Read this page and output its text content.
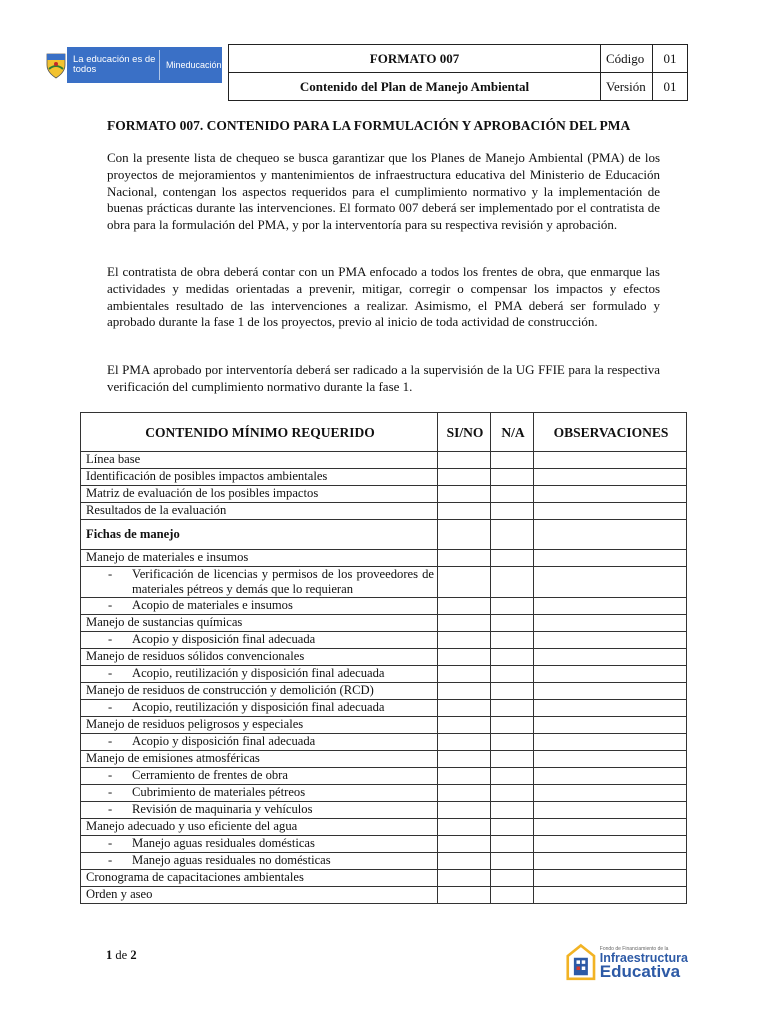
La educación es de todos	Mineducación	FORMATO 007	Código	01
Contenido del Plan de Manejo Ambiental	Versión	01
FORMATO 007. CONTENIDO PARA LA FORMULACIÓN Y APROBACIÓN DEL PMA

Con la presente lista de chequeo se busca garantizar que los Planes de Manejo Ambiental (PMA) de los proyectos de mejoramientos y mantenimientos de infraestructura educativa del Ministerio de Educación Nacional, contengan los aspectos requeridos para el cumplimiento normativo y la implementación de buenas prácticas durante las intervenciones. El formato 007 deberá ser implementado por el contratista de obra para la formulación del PMA, y por la interventoría para su respectiva revisión y aprobación.

El contratista de obra deberá contar con un PMA enfocado a todos los frentes de obra, que enmarque las actividades y medidas orientadas a prevenir, mitigar, corregir o compensar los impactos y efectos ambientales resultado de las intervenciones a realizar. Asimismo, el PMA deberá ser formulado y aprobado durante la fase 1 de los proyectos, previo al inicio de toda actividad de construcción.

El PMA aprobado por interventoría deberá ser radicado a la supervisión de la UG FFIE para la respectiva verificación del cumplimiento normativo durante la fase 1.

CONTENIDO MÍNIMO REQUERIDO	SI/NO	N/A	OBSERVACIONES
Línea base			
Identificación de posibles impactos ambientales			
Matriz de evaluación de los posibles impactos			
Resultados de la evaluación			
Fichas de manejo			
Manejo de materiales e insumos			

- Verificación de licencias y permisos de los proveedores de materiales pétreos y demás que lo requieran			

- Acopio de materiales e insumos			

Manejo de sustancias químicas			

- Acopio y disposición final adecuada			

Manejo de residuos sólidos convencionales			

- Acopio, reutilización y disposición final adecuada			

Manejo de residuos de construcción y demolición (RCD)			

- Acopio, reutilización y disposición final adecuada			

Manejo de residuos peligrosos y especiales			

- Acopio y disposición final adecuada			

Manejo de emisiones atmosféricas			

- Cerramiento de frentes de obra			

- Cubrimiento de materiales pétreos			

- Revisión de maquinaria y vehículos			

Manejo adecuado y uso eficiente del agua			

- Manejo aguas residuales domésticas			

- Manejo aguas residuales no domésticas			

Cronograma de capacitaciones ambientales			
Orden y aseo			
1 de 2	Fondo de Financiamiento de la
Infraestructura
Educativa
